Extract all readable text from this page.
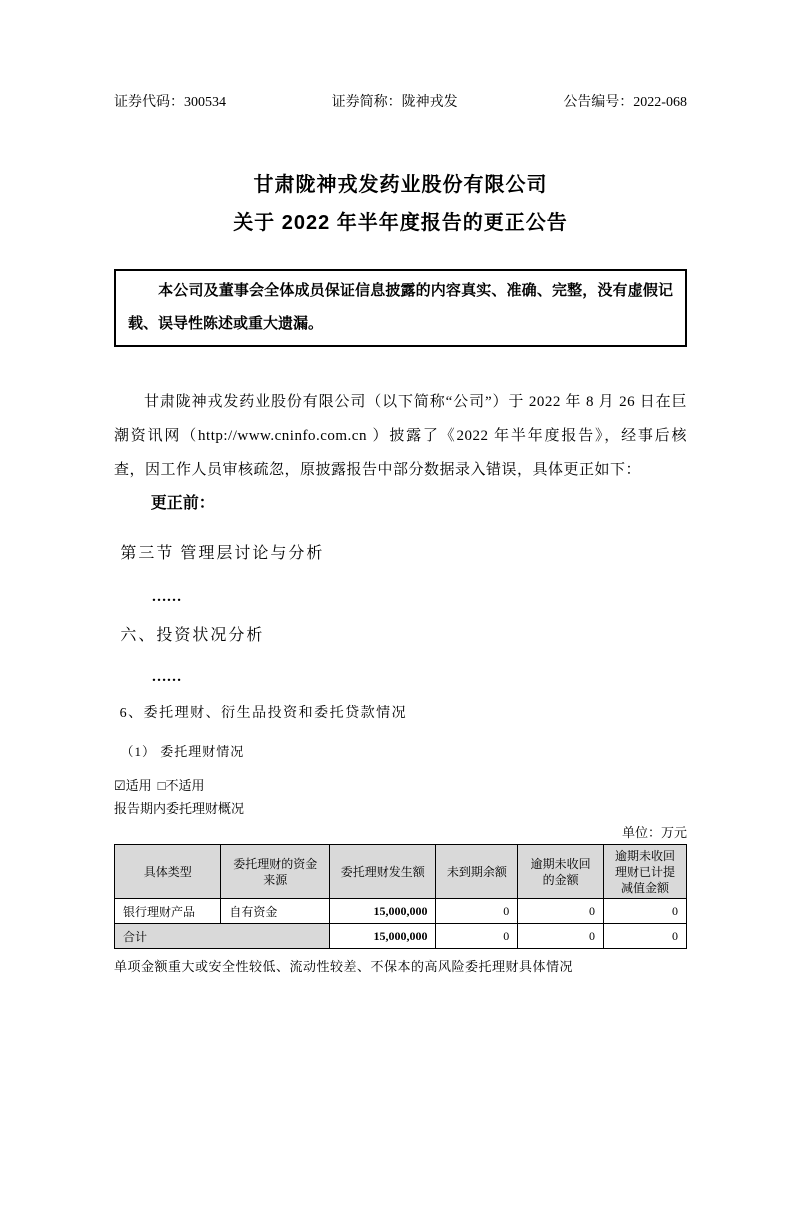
证券代码：300534	证券简称：陇神戎发	公告编号：2022-068
甘肃陇神戎发药业股份有限公司
关于 2022 年半年度报告的更正公告
本公司及董事会全体成员保证信息披露的内容真实、准确、完整，没有虚假记载、误导性陈述或重大遗漏。

甘肃陇神戎发药业股份有限公司（以下简称“公司”）于 2022 年 8 月 26 日在巨潮资讯网（http://www.cninfo.com.cn ）披露了《2022 年半年度报告》，经事后核查，因工作人员审核疏忽，原披露报告中部分数据录入错误，具体更正如下：

更正前：
第三节 管理层讨论与分析
……
六、投资状况分析
……
6、委托理财、衍生品投资和委托贷款情况
（1） 委托理财情况
☑适用 □不适用
报告期内委托理财概况
单位：万元
具体类型	委托理财的资金来源	委托理财发生额	未到期余额	逾期未收回的金额	逾期未收回理财已计提减值金额
银行理财产品	自有资金	15,000,000	0	0	0
合计		15,000,000	0	0	0
单项金额重大或安全性较低、流动性较差、不保本的高风险委托理财具体情况
